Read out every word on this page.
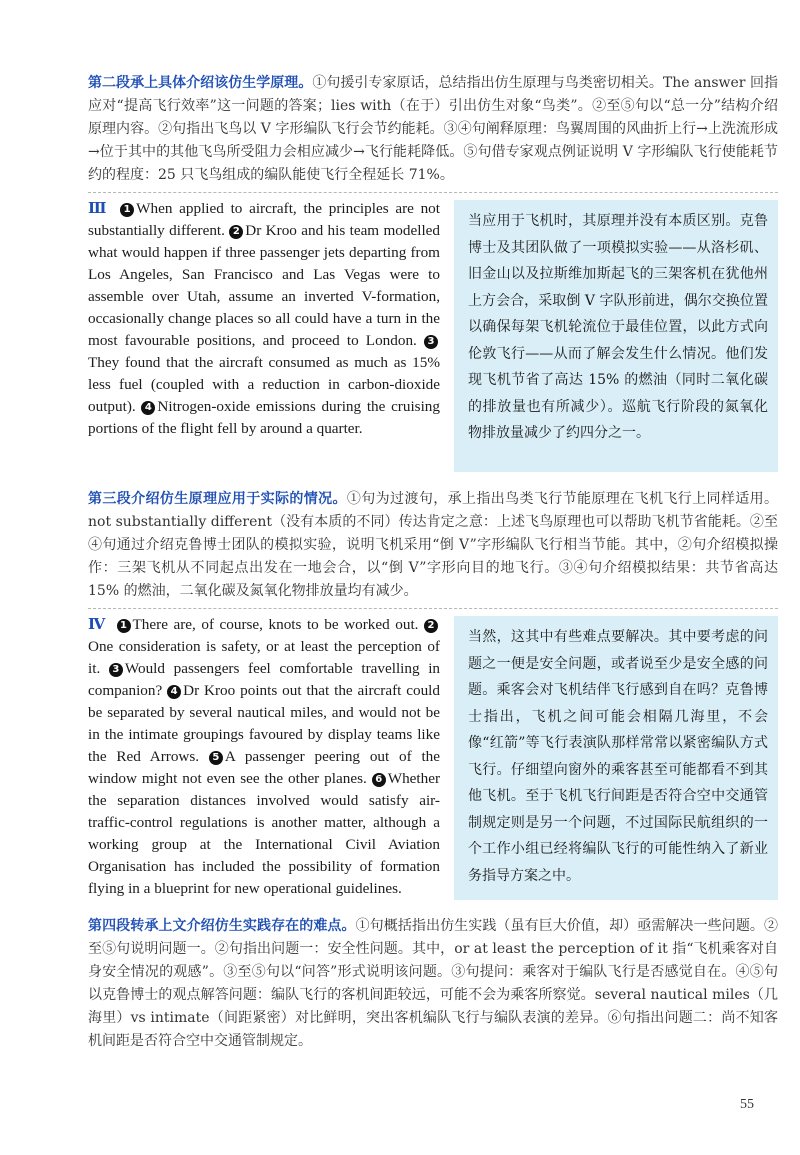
第二段承上具体介绍该仿生学原理。①句援引专家原话，总结指出仿生原理与鸟类密切相关。The answer 回指应对“提高飞行效率”这一问题的答案；lies with（在于）引出仿生对象“鸟类”。②至⑤句以“总一分”结构介绍原理内容。②句指出飞鸟以 V 字形编队飞行会节约能耗。③④句阐释原理：鸟翼周围的风曲折上行→上洗流形成→位于其中的其他飞鸟所受阻力会相应减少→飞行能耗降低。⑤句借专家观点例证说明 V 字形编队飞行使能耗节约的程度：25 只飞鸟组成的编队能使飞行全程延长 71%。
Ⅲ 1 When applied to aircraft, the principles are not substantially different. 2 Dr Kroo and his team modelled what would happen if three passenger jets departing from Los Angeles, San Francisco and Las Vegas were to assemble over Utah, assume an inverted V-formation, occasionally change places so all could have a turn in the most favourable positions, and proceed to London. 3They found that the aircraft consumed as much as 15% less fuel (coupled with a reduction in carbon-dioxide output). 4 Nitrogen-oxide emissions during the cruising portions of the flight fell by around a quarter.
当应用于飞机时，其原理并没有本质区别。克鲁博士及其团队做了一项模拟实验——从洛杉矶、旧金山以及拉斯维加斯起飞的三架客机在犹他州上方会合，采取倒 V 字队形前进，偶尔交换位置以确保每架飞机轮流位于最佳位置，以此方式向伦敦飞行——从而了解会发生什么情况。他们发现飞机节省了高达 15% 的燃油（同时二氧化碳的排放量也有所减少）。巡航飞行阶段的氮氧化物排放量减少了约四分之一。
第三段介绍仿生原理应用于实际的情况。①句为过渡句，承上指出鸟类飞行节能原理在飞机飞行上同样适用。not substantially different（没有本质的不同）传达肯定之意：上述飞鸟原理也可以帮助飞机节省能耗。②至④句通过介绍克鲁博士团队的模拟实验，说明飞机采用“倒 V”字形编队飞行相当节能。其中，②句介绍模拟操作：三架飞机从不同起点出发在一地会合，以“倒 V”字形向目的地飞行。③④句介绍模拟结果：共节省高达 15% 的燃油，二氧化碳及氮氧化物排放量均有减少。
Ⅳ 1 There are, of course, knots to be worked out. 2One consideration is safety, or at least the perception of it. 3 Would passengers feel comfortable travelling in companion? 4 Dr Kroo points out that the aircraft could be separated by several nautical miles, and would not be in the intimate groupings favoured by display teams like the Red Arrows. 5 A passenger peering out of the window might not even see the other planes. 6 Whether the separation distances involved would satisfy air-traffic-control regulations is another matter, although a working group at the International Civil Aviation Organisation has included the possibility of formation flying in a blueprint for new operational guidelines.
当然，这其中有些难点要解决。其中要考虑的问题之一便是安全问题，或者说至少是安全感的问题。乘客会对飞机结伴飞行感到自在吗？克鲁博士指出，飞机之间可能会相隔几海里，不会像“红箭”等飞行表演队那样常常以紧密编队方式飞行。仔细望向窗外的乘客甚至可能都看不到其他飞机。至于飞机飞行间距是否符合空中交通管制规定则是另一个问题，不过国际民航组织的一个工作小组已经将编队飞行的可能性纳入了新业务指导方案之中。
第四段转承上文介绍仿生实践存在的难点。①句概括指出仿生实践（虽有巨大价值，却）亟需解决一些问题。②至⑤句说明问题一。②句指出问题一：安全性问题。其中，or at least the perception of it 指“飞机乘客对自身安全情况的观感”。③至⑤句以“问答”形式说明该问题。③句提问：乘客对于编队飞行是否感觉自在。④⑤句以克鲁博士的观点解答问题：编队飞行的客机间距较远，可能不会为乘客所察觉。several nautical miles（几海里）vs intimate（间距紧密）对比鲜明，突出客机编队飞行与编队表演的差异。⑥句指出问题二：尚不知客机间距是否符合空中交通管制规定。
55
